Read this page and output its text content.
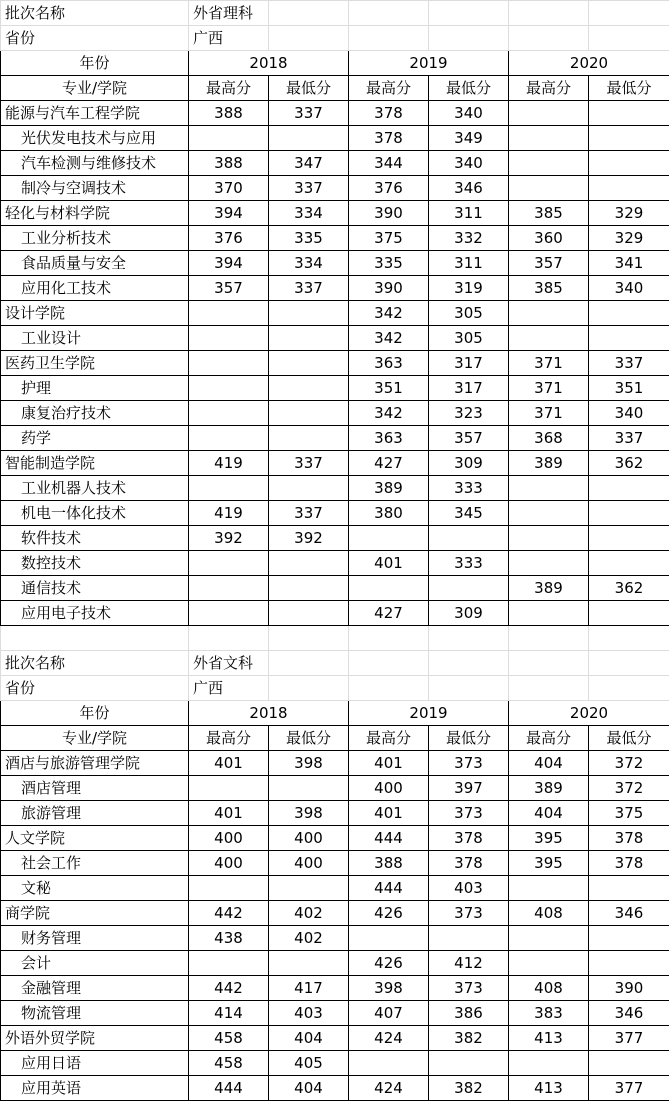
批次名称	外省理科					
省份	广西					
年份	2018		2019		2020	
专业/学院	最高分	最低分	最高分	最低分	最高分	最低分
能源与汽车工程学院	388	337	378	340		
光伏发电技术与应用			378	349		
汽车检测与维修技术	388	347	344	340		
制冷与空调技术	370	337	376	346		
轻化与材料学院	394	334	390	311	385	329
工业分析技术	376	335	375	332	360	329
食品质量与安全	394	334	335	311	357	341
应用化工技术	357	337	390	319	385	340
设计学院			342	305		
工业设计			342	305		
医药卫生学院			363	317	371	337
护理			351	317	371	351
康复治疗技术			342	323	371	340
药学			363	357	368	337
智能制造学院	419	337	427	309	389	362
工业机器人技术			389	333		
机电一体化技术	419	337	380	345		
软件技术	392	392				
数控技术			401	333		
通信技术					389	362
应用电子技术			427	309		

批次名称	外省文科					
省份	广西					
年份	2018		2019		2020	
专业/学院	最高分	最低分	最高分	最低分	最高分	最低分
酒店与旅游管理学院	401	398	401	373	404	372
酒店管理			400	397	389	372
旅游管理	401	398	401	373	404	375
人文学院	400	400	444	378	395	378
社会工作	400	400	388	378	395	378
文秘			444	403		
商学院	442	402	426	373	408	346
财务管理	438	402				
会计			426	412		
金融管理	442	417	398	373	408	390
物流管理	414	403	407	386	383	346
外语外贸学院	458	404	424	382	413	377
应用日语	458	405				
应用英语	444	404	424	382	413	377
